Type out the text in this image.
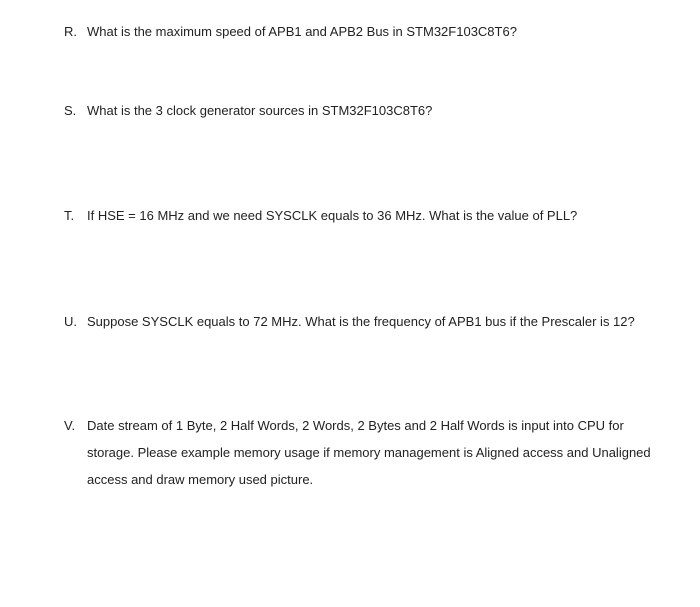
R. What is the maximum speed of APB1 and APB2 Bus in STM32F103C8T6?
S. What is the 3 clock generator sources in STM32F103C8T6?
T. If HSE = 16 MHz and we need SYSCLK equals to 36 MHz. What is the value of PLL?
U. Suppose SYSCLK equals to 72 MHz. What is the frequency of APB1 bus if the Prescaler is 12?
V. Date stream of 1 Byte, 2 Half Words, 2 Words, 2 Bytes and 2 Half Words is input into CPU for
storage. Please example memory usage if memory management is Aligned access and Unaligned
access and draw memory used picture.
